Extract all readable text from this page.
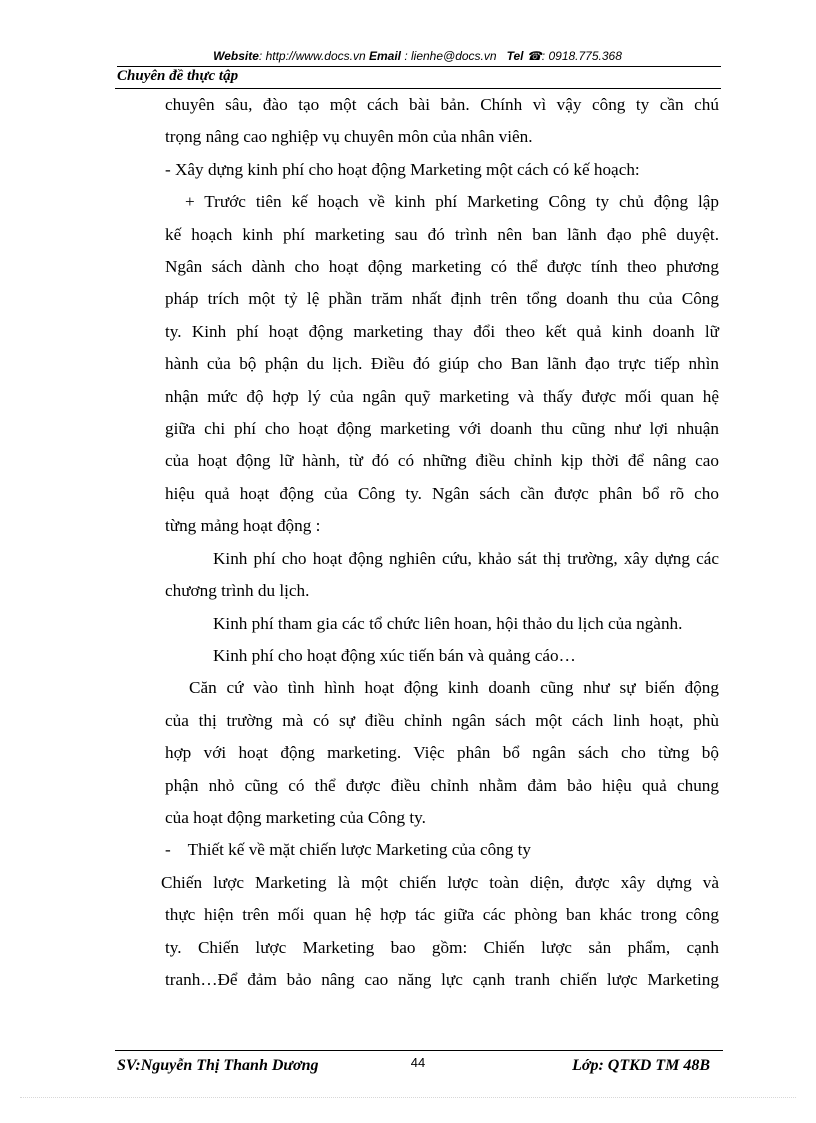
Website: http://www.docs.vn Email : lienhe@docs.vn Tel ☎: 0918.775.368
Chuyên đề thực tập
chuyên sâu, đào tạo một cách bài bản. Chính vì vậy công ty cần chú
trọng nâng cao nghiệp vụ chuyên môn của nhân viên.
- Xây dựng kinh phí cho hoạt động Marketing một cách có kế hoạch:
+ Trước tiên kế hoạch về kinh phí Marketing Công ty chủ động lập
kế hoạch kinh phí marketing sau đó trình nên ban lãnh đạo phê duyệt.
Ngân sách dành cho hoạt động marketing có thể được tính theo phương
pháp trích một tỷ lệ phần trăm nhất định trên tổng doanh thu của Công
ty. Kinh phí hoạt động marketing thay đổi theo kết quả kinh doanh lữ
hành của bộ phận du lịch. Điều đó giúp cho Ban lãnh đạo trực tiếp nhìn
nhận mức độ hợp lý của ngân quỹ marketing và thấy được mối quan hệ
giữa chi phí cho hoạt động marketing với doanh thu cũng như lợi nhuận
của hoạt động lữ hành, từ đó có những điều chỉnh kịp thời để nâng cao
hiệu quả hoạt động của Công ty. Ngân sách cần được phân bổ rõ cho
từng mảng hoạt động :
Kinh phí cho hoạt động nghiên cứu, khảo sát thị trường, xây dựng các
chương trình du lịch.
Kinh phí tham gia các tổ chức liên hoan, hội thảo du lịch của ngành.
Kinh phí cho hoạt động xúc tiến bán và quảng cáo…
Căn cứ vào tình hình hoạt động kinh doanh cũng như sự biến động
của thị trường mà có sự điều chỉnh ngân sách một cách linh hoạt, phù
hợp với hoạt động marketing. Việc phân bổ ngân sách cho từng bộ
phận nhỏ cũng có thể được điều chỉnh nhằm đảm bảo hiệu quả chung
của hoạt động marketing của Công ty.
-    Thiết kế về mặt chiến lược Marketing của công ty
Chiến lược Marketing là một chiến lược toàn diện, được xây dựng và
thực hiện trên mối quan hệ hợp tác giữa các phòng ban khác trong công
ty. Chiến lược Marketing bao gồm: Chiến lược sản phẩm, cạnh
tranh…Để đảm bảo nâng cao năng lực cạnh tranh chiến lược Marketing
SV:Nguyễn Thị Thanh Dương	44	Lớp: QTKD TM 48B
